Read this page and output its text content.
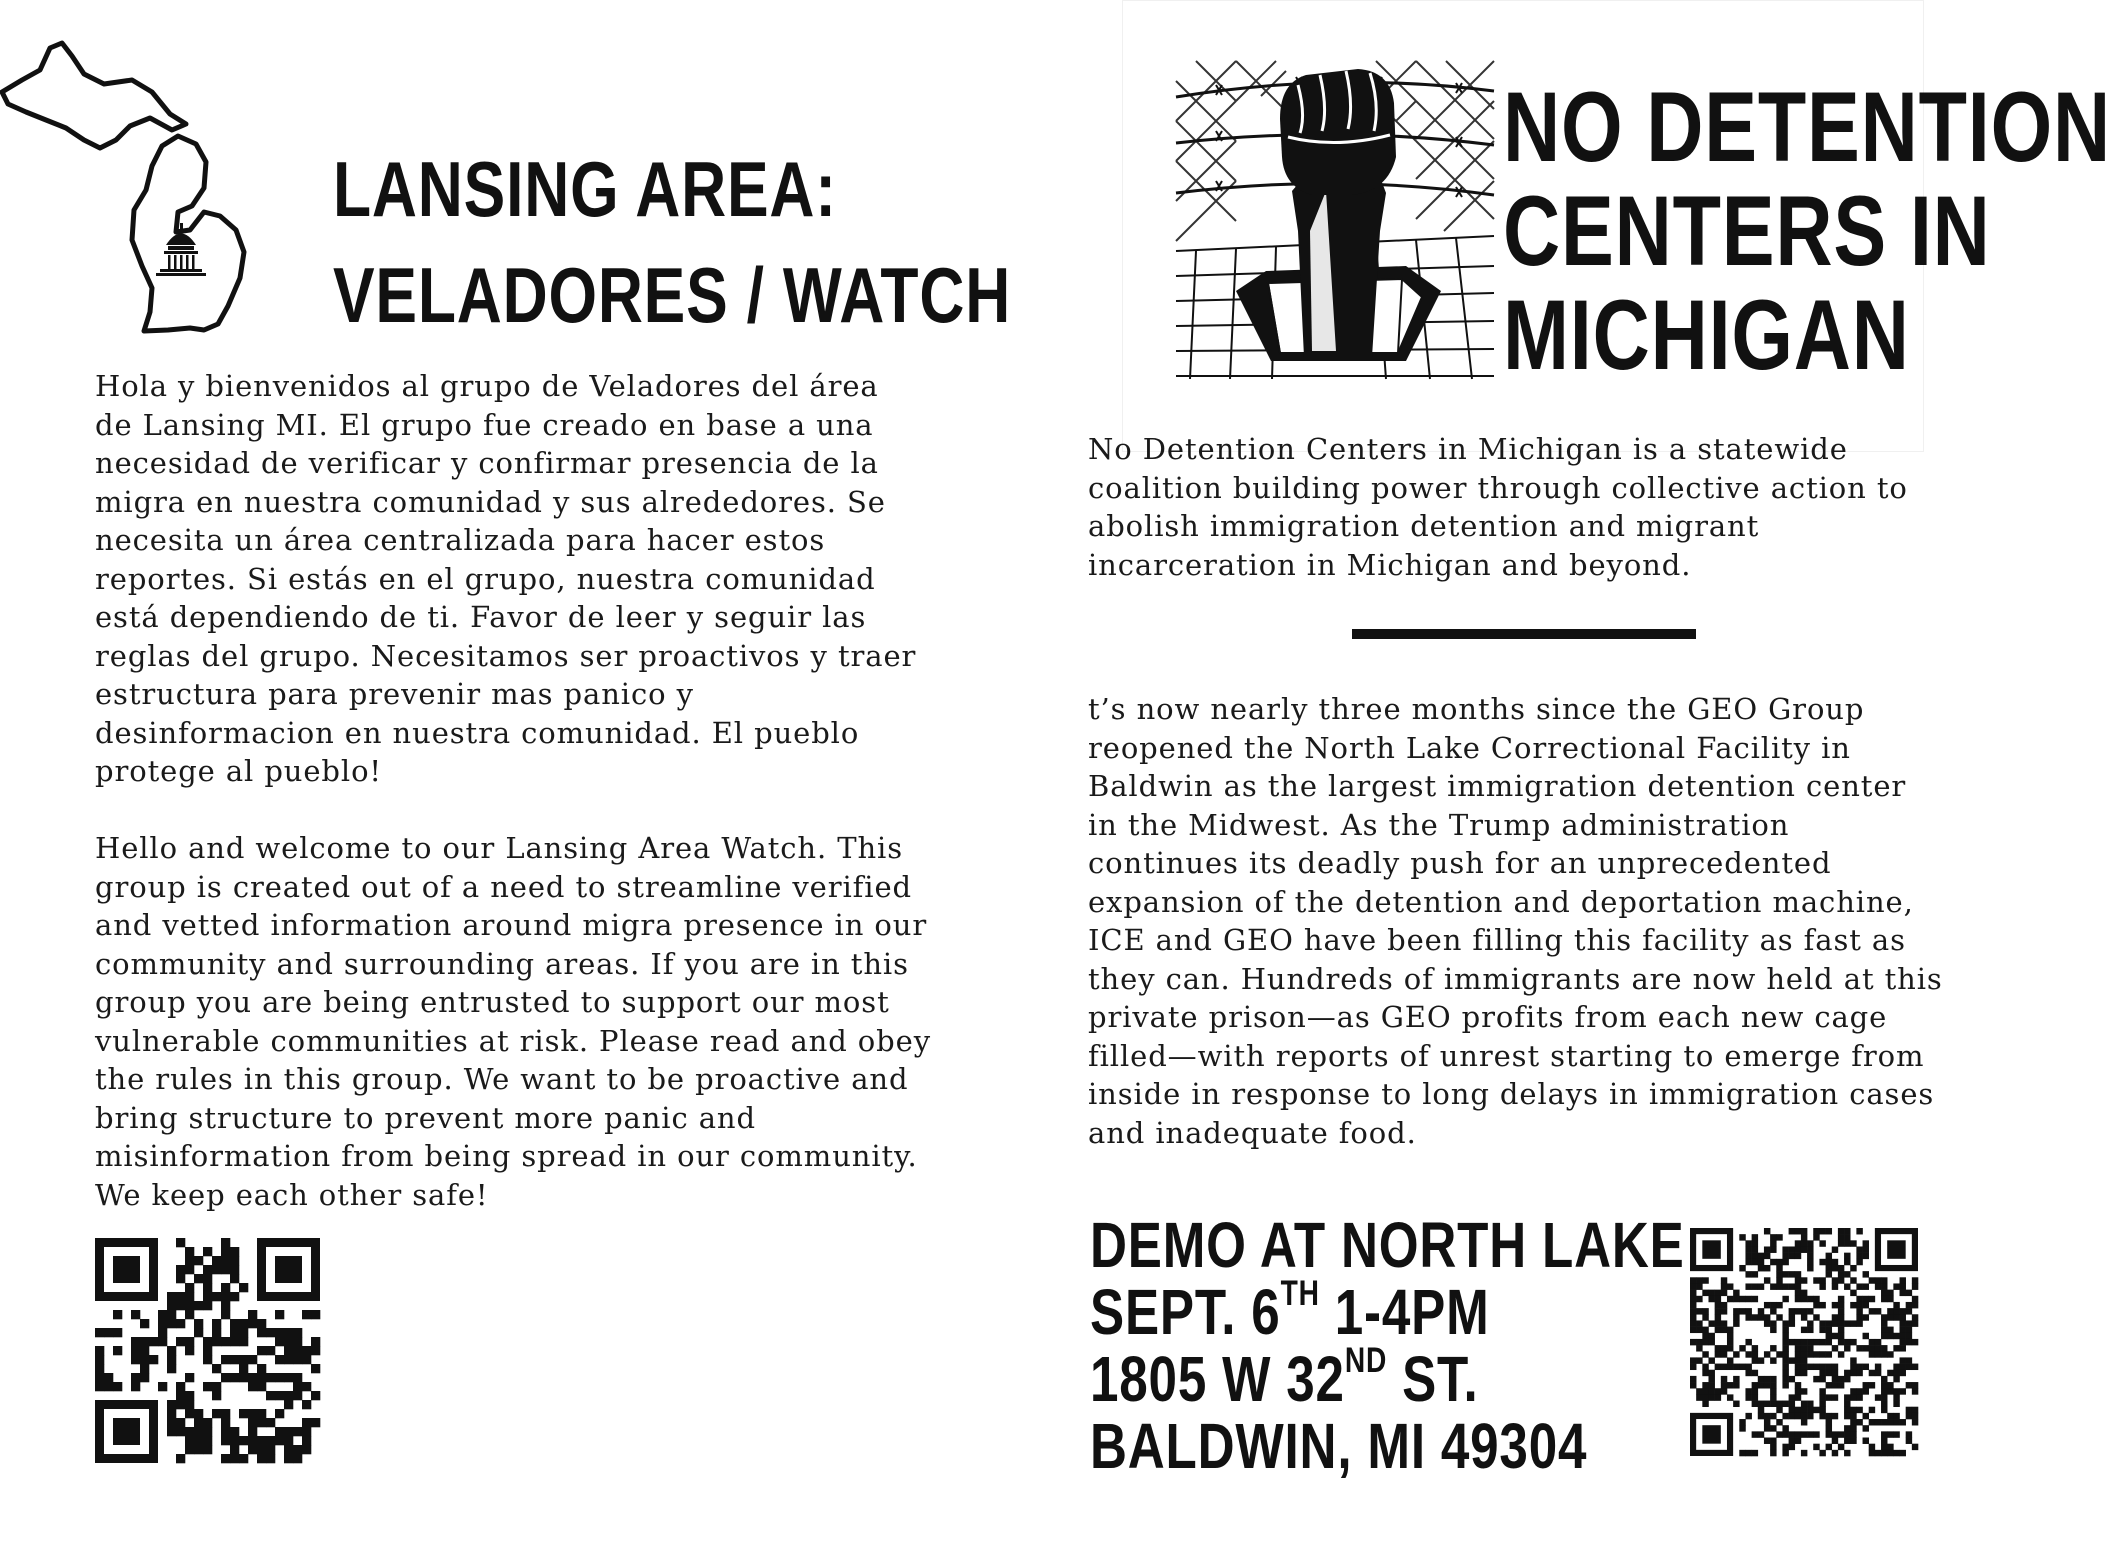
LANSING AREA:
VELADORES / WATCH

Hola y bienvenidos al grupo de Veladores del área

de Lansing MI. El grupo fue creado en base a una

necesidad de verificar y confirmar presencia de la

migra en nuestra comunidad y sus alrededores. Se

necesita un área centralizada para hacer estos

reportes. Si estás en el grupo, nuestra comunidad

está dependiendo de ti. Favor de leer y seguir las

reglas del grupo. Necesitamos ser proactivos y traer

estructura para prevenir mas panico y

desinformacion en nuestra comunidad. El pueblo

protege al pueblo!

Hello and welcome to our Lansing Area Watch. This

group is created out of a need to streamline verified

and vetted information around migra presence in our

community and surrounding areas. If you are in this

group you are being entrusted to support our most

vulnerable communities at risk. Please read and obey

the rules in this group. We want to be proactive and

bring structure to prevent more panic and

misinformation from being spread in our community.

We keep each other safe!

NO DETENTION
CENTERS IN
MICHIGAN

No Detention Centers in Michigan is a statewide

coalition building power through collective action to

abolish immigration detention and migrant

incarceration in Michigan and beyond.

t’s now nearly three months since the GEO Group

reopened the North Lake Correctional Facility in

Baldwin as the largest immigration detention center

in the Midwest. As the Trump administration

continues its deadly push for an unprecedented

expansion of the detention and deportation machine,

ICE and GEO have been filling this facility as fast as

they can. Hundreds of immigrants are now held at this

private prison—as GEO profits from each new cage

filled—with reports of unrest starting to emerge from

inside in response to long delays in immigration cases

and inadequate food.

DEMO AT NORTH LAKE
SEPT. 6TH 1-4PM
1805 W 32ND ST.
BALDWIN, MI 49304
